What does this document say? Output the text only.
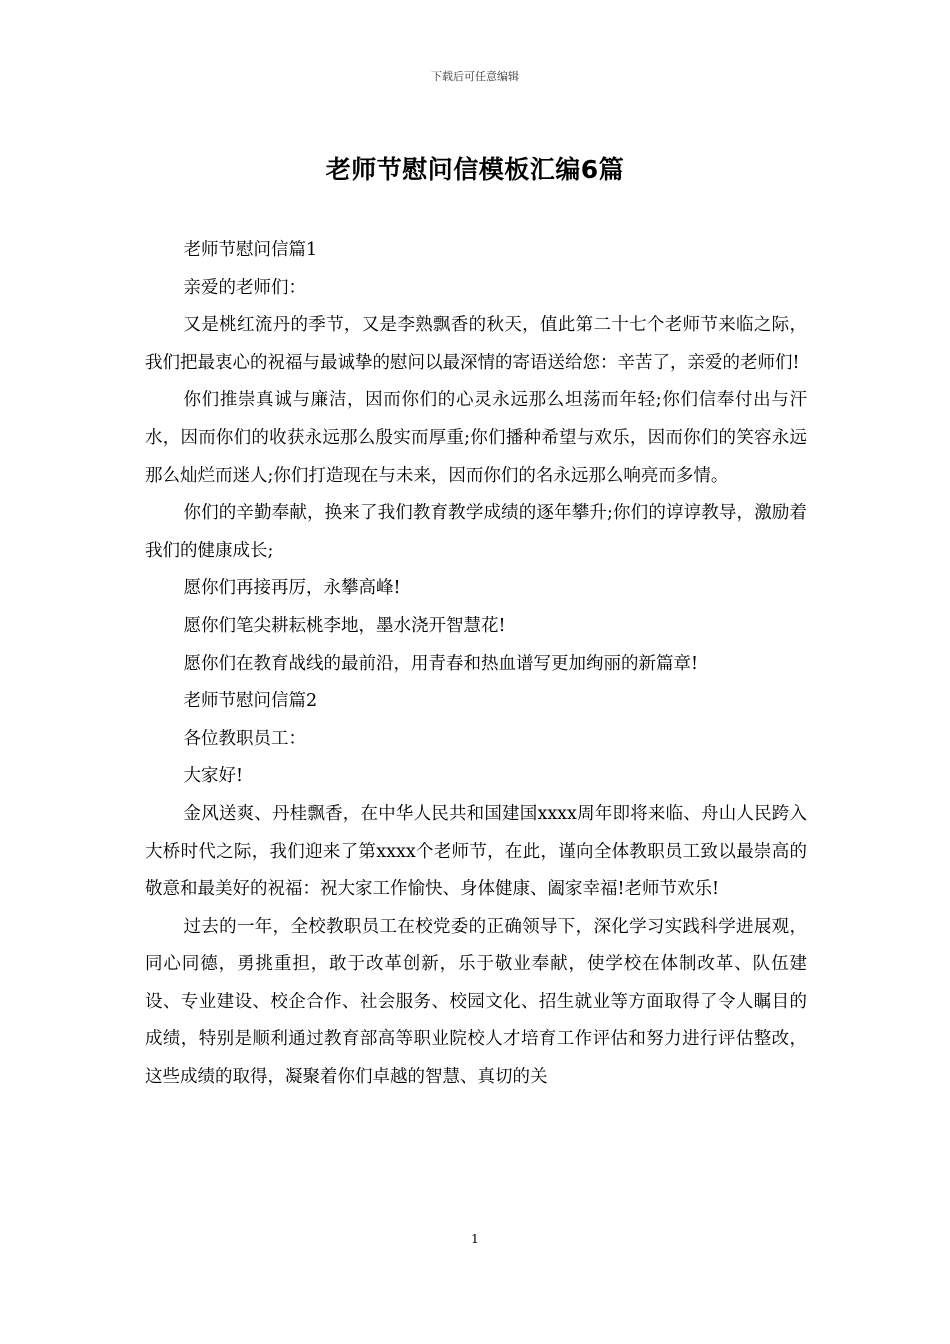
下载后可任意编辑
老师节慰问信模板汇编6篇

老师节慰问信篇1

亲爱的老师们：

又是桃红流丹的季节，又是李熟飘香的秋天，值此第二十七个老师节来临之际，我们把最衷心的祝福与最诚挚的慰问以最深情的寄语送给您：辛苦了，亲爱的老师们!

你们推崇真诚与廉洁，因而你们的心灵永远那么坦荡而年轻;你们信奉付出与汗水，因而你们的收获永远那么殷实而厚重;你们播种希望与欢乐，因而你们的笑容永远那么灿烂而迷人;你们打造现在与未来，因而你们的名永远那么响亮而多情。

你们的辛勤奉献，换来了我们教育教学成绩的逐年攀升;你们的谆谆教导，激励着我们的健康成长;

愿你们再接再厉，永攀高峰!

愿你们笔尖耕耘桃李地，墨水浇开智慧花!

愿你们在教育战线的最前沿，用青春和热血谱写更加绚丽的新篇章!

老师节慰问信篇2

各位教职员工：

大家好!

金风送爽、丹桂飘香，在中华人民共和国建国xxxx周年即将来临、舟山人民跨入大桥时代之际，我们迎来了第xxxx个老师节，在此，谨向全体教职员工致以最崇高的敬意和最美好的祝福：祝大家工作愉快、身体健康、阖家幸福!老师节欢乐!

过去的一年，全校教职员工在校党委的正确领导下，深化学习实践科学进展观，同心同德，勇挑重担，敢于改革创新，乐于敬业奉献，使学校在体制改革、队伍建设、专业建设、校企合作、社会服务、校园文化、招生就业等方面取得了令人瞩目的成绩，特别是顺利通过教育部高等职业院校人才培育工作评估和努力进行评估整改，这些成绩的取得，凝聚着你们卓越的智慧、真切的关

1
